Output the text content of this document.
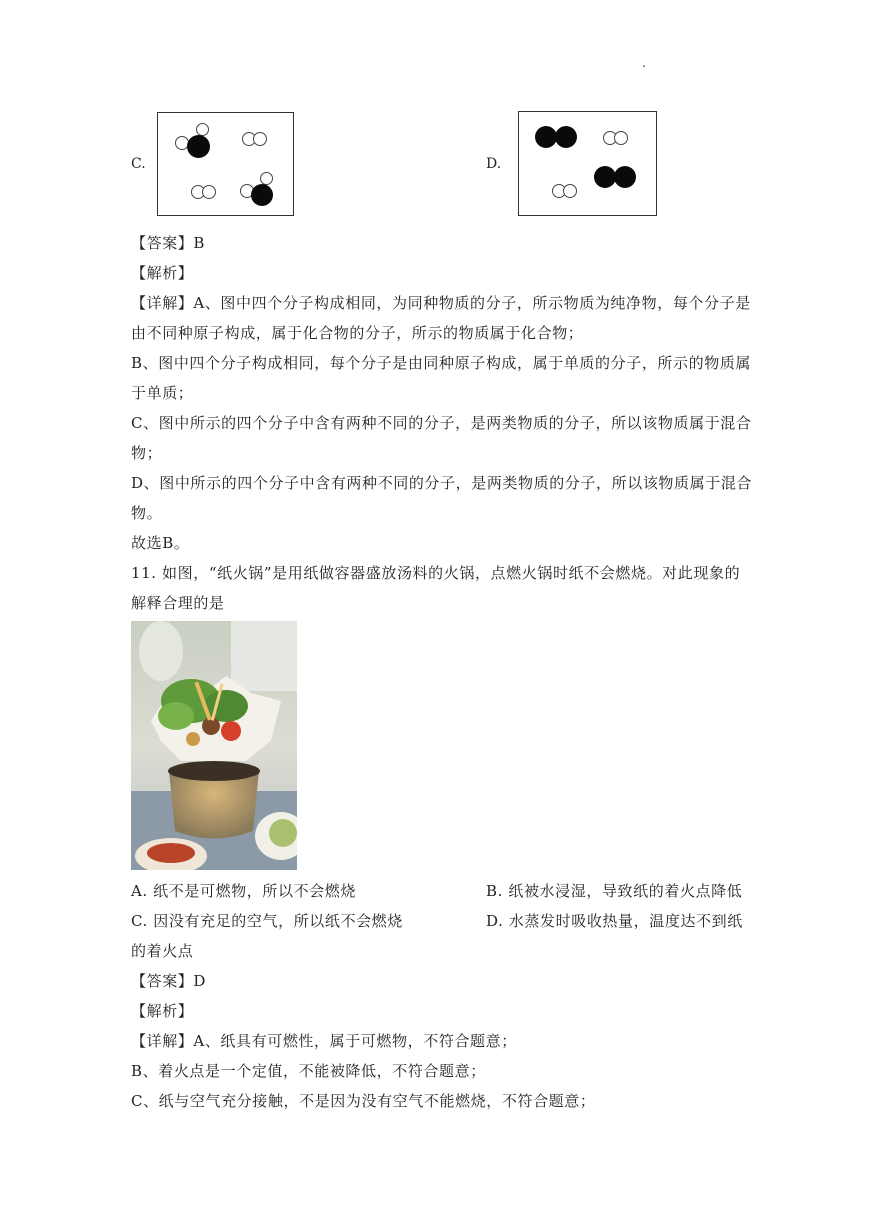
.
C.	D.
【答案】B
【解析】
【详解】A、图中四个分子构成相同，为同种物质的分子，所示物质为纯净物，每个分子是
由不同种原子构成，属于化合物的分子，所示的物质属于化合物；
B、图中四个分子构成相同，每个分子是由同种原子构成，属于单质的分子，所示的物质属
于单质；
C、图中所示的四个分子中含有两种不同的分子，是两类物质的分子，所以该物质属于混合
物；
D、图中所示的四个分子中含有两种不同的分子，是两类物质的分子，所以该物质属于混合
物。
故选B。
11. 如图，“纸火锅”是用纸做容器盛放汤料的火锅，点燃火锅时纸不会燃烧。对此现象的
解释合理的是
A. 纸不是可燃物，所以不会燃烧	B. 纸被水浸湿，导致纸的着火点降低
C. 因没有充足的空气，所以纸不会燃烧	D. 水蒸发时吸收热量，温度达不到纸
的着火点
【答案】D
【解析】
【详解】A、纸具有可燃性，属于可燃物，不符合题意；
B、着火点是一个定值，不能被降低，不符合题意；
C、纸与空气充分接触，不是因为没有空气不能燃烧，不符合题意；
